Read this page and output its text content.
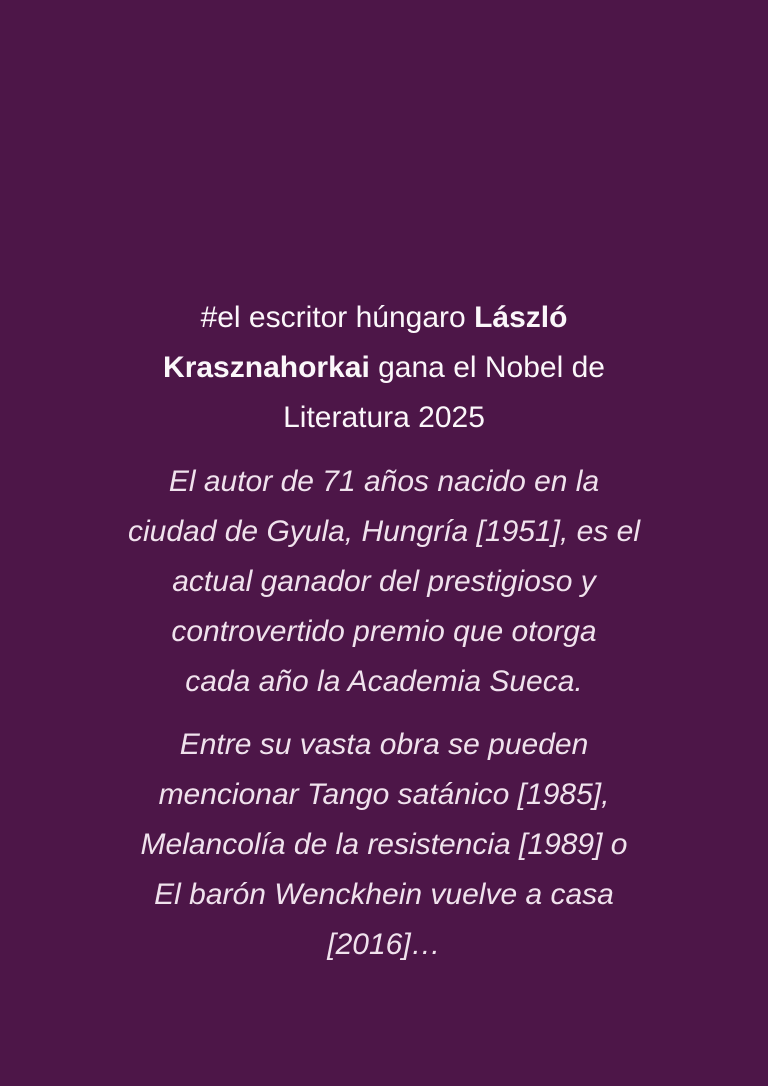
#el escritor húngaro László
Krasznahorkai gana el Nobel de
Literatura 2025
El autor de 71 años nacido en la
ciudad de Gyula, Hungría [1951], es el
actual ganador del prestigioso y
controvertido premio que otorga
cada año la Academia Sueca.
Entre su vasta obra se pueden
mencionar Tango satánico [1985],
Melancolía de la resistencia [1989] o
El barón Wenckhein vuelve a casa
[2016]…
